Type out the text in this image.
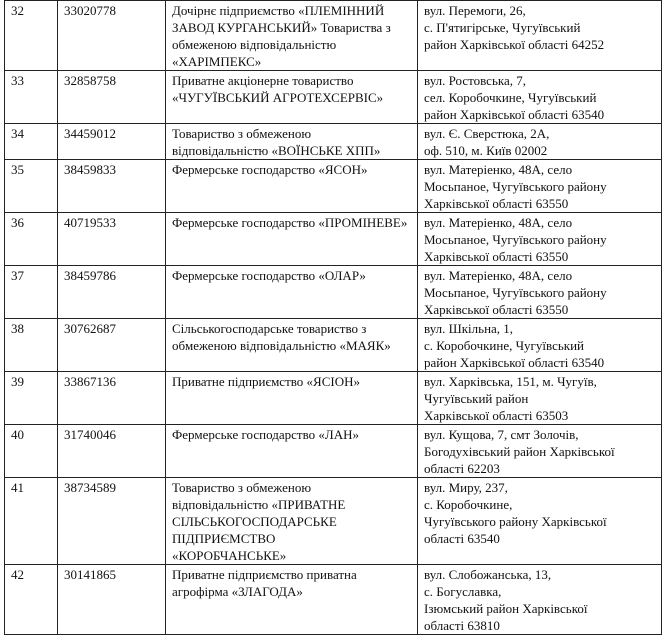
32	33020778	Дочірнє підприємство «ПЛЕМІННИЙ
ЗАВОД КУРГАНСЬКИЙ» Товариства з
обмеженою відповідальністю
«ХАРІМПЕКС»	вул. Перемоги, 26,
с. П'ятигірське, Чугуївський
район Харківської області 64252

33	32858758	Приватне акціонерне товариство
«ЧУГУЇВСЬКИЙ АГРОТЕХСЕРВІС»	вул. Ростовська, 7,
сел. Коробочкине, Чугуївський
район Харківської області 63540

34	34459012	Товариство з обмеженою
відповідальністю «ВОЇНСЬКЕ ХПП»	вул. Є. Сверстюка, 2А,
оф. 510, м. Київ 02002

35	38459833	Фермерське господарство «ЯСОН»	вул. Матеріенко, 48А, село
Мосьпаное, Чугуївського району
Харківської області 63550

36	40719533	Фермерське господарство «ПРОМІНЕВЕ»	вул. Матеріенко, 48А, село
Мосьпаное, Чугуївського району
Харківської області 63550

37	38459786	Фермерське господарство «ОЛАР»	вул. Матеріенко, 48А, село
Мосьпаное, Чугуївського району
Харківської області 63550

38	30762687	Сільськогосподарське товариство з
обмеженою відповідальністю «МАЯК»	вул. Шкільна, 1,
с. Коробочкине, Чугуївський
район Харківської області 63540

39	33867136	Приватне підприємство «ЯСІОН»	вул. Харківська, 151, м. Чугуїв,
Чугуївський район
Харківської області 63503

40	31740046	Фермерське господарство «ЛАН»	вул. Кущова, 7, смт Золочів,
Богодухівський район Харківської
області 62203

41	38734589	Товариство з обмеженою
відповідальністю «ПРИВАТНЕ
СІЛЬСЬКОГОСПОДАРСЬКЕ
ПІДПРИЄМСТВО
«КОРОБЧАНСЬКЕ»	вул. Миру, 237,
с. Коробочкине,
Чугуївського району Харківської
області 63540

42	30141865	Приватне підприємство приватна
агрофірма «ЗЛАГОДА»	вул. Слобожанська, 13,
с. Богуславка,
Ізюмський район Харківської
області 63810
